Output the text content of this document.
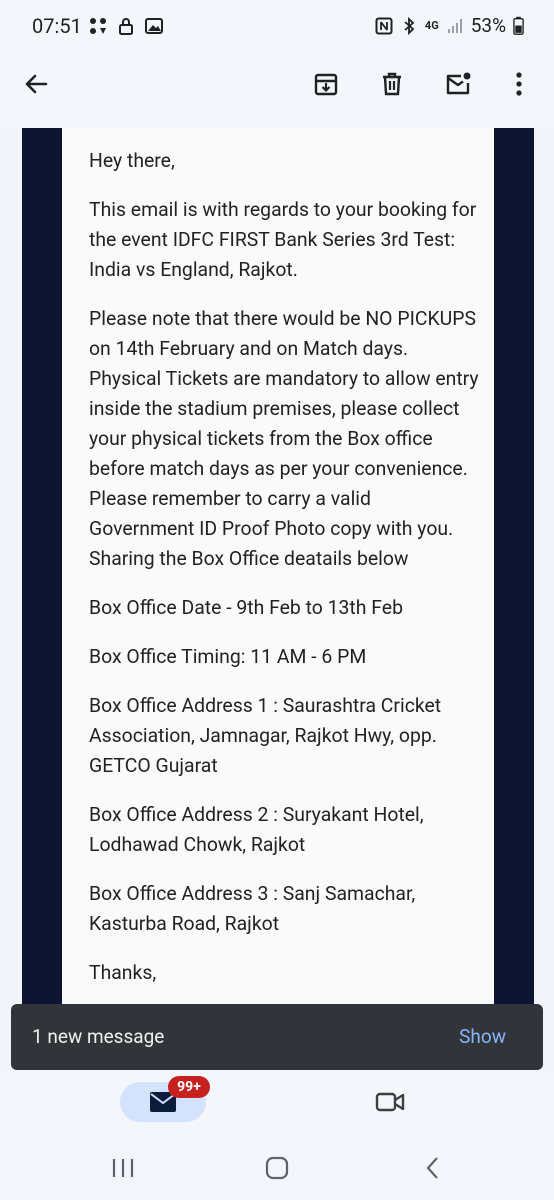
07:51	4G 53%

Hey there,

This email is with regards to your booking for the event IDFC FIRST Bank Series 3rd Test: India vs England, Rajkot.

Please note that there would be NO PICKUPS on 14th February and on Match days. Physical Tickets are mandatory to allow entry inside the stadium premises, please collect your physical tickets from the Box office before match days as per your convenience. Please remember to carry a valid Government ID Proof Photo copy with you. Sharing the Box Office deatails below

Box Office Date - 9th Feb to 13th Feb

Box Office Timing: 11 AM - 6 PM

Box Office Address 1 : Saurashtra Cricket Association, Jamnagar, Rajkot Hwy, opp. GETCO Gujarat

Box Office Address 2 : Suryakant Hotel, Lodhawad Chowk, Rajkot

Box Office Address 3 : Sanj Samachar, Kasturba Road, Rajkot

Thanks,

1 new message	Show
99+
